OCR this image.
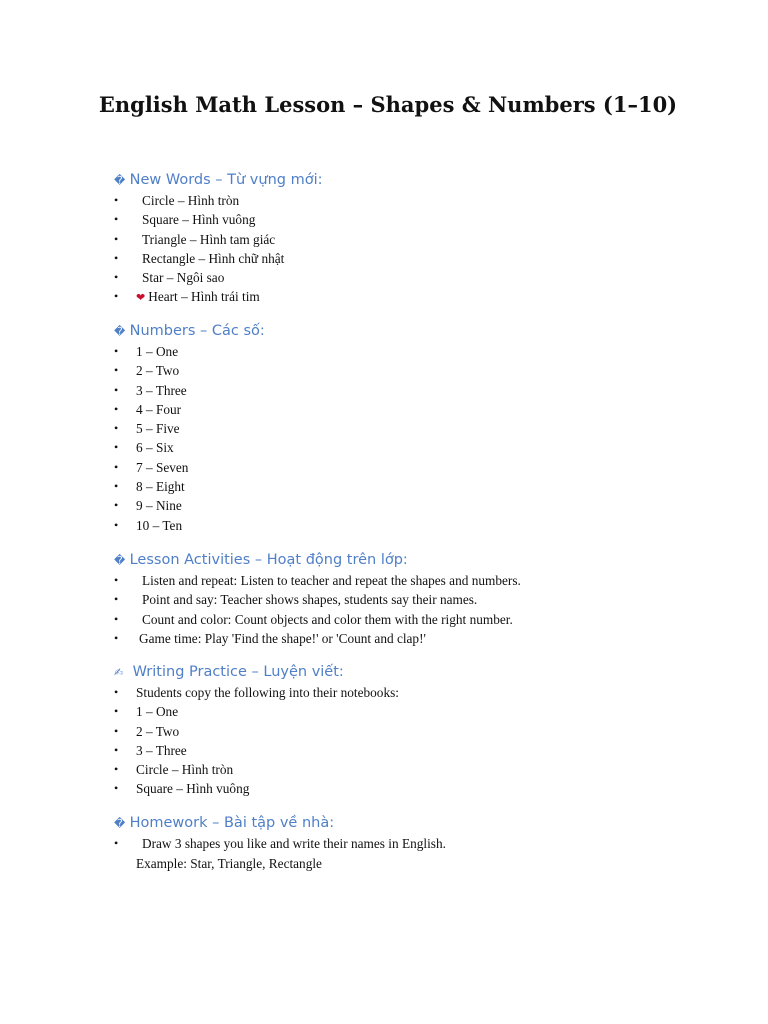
English Math Lesson – Shapes & Numbers (1–10)
� New Words – Từ vựng mới:
• Circle – Hình tròn
• Square – Hình vuông
• Triangle – Hình tam giác
• Rectangle – Hình chữ nhật
• Star – Ngôi sao
• ❤ Heart – Hình trái tim
� Numbers – Các số:
• 1 – One
• 2 – Two
• 3 – Three
• 4 – Four
• 5 – Five
• 6 – Six
• 7 – Seven
• 8 – Eight
• 9 – Nine
• 10 – Ten
� Lesson Activities – Hoạt động trên lớp:
• Listen and repeat: Listen to teacher and repeat the shapes and numbers.
• Point and say: Teacher shows shapes, students say their names.
• Count and color: Count objects and color them with the right number.
• Game time: Play 'Find the shape!' or 'Count and clap!'
✍ Writing Practice – Luyện viết:
• Students copy the following into their notebooks:
• 1 – One
• 2 – Two
• 3 – Three
• Circle – Hình tròn
• Square – Hình vuông
� Homework – Bài tập về nhà:
• Draw 3 shapes you like and write their names in English.
Example: Star, Triangle, Rectangle
